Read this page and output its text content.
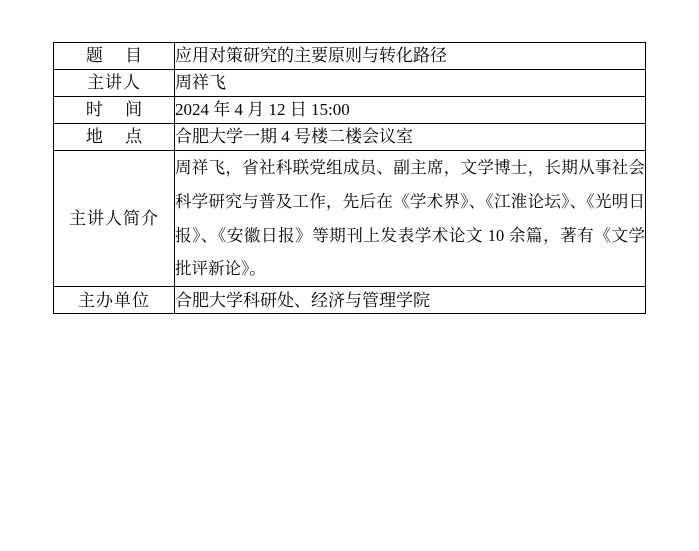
题 目	应用对策研究的主要原则与转化路径
主讲人	周祥飞
时 间	2024 年 4 月 12 日 15:00
地 点	合肥大学一期 4 号楼二楼会议室
主讲人简介	周祥飞，省社科联党组成员、副主席，文学博士，长期从事社会科学研究与普及工作，先后在《学术界》、《江淮论坛》、《光明日报》、《安徽日报》等期刊上发表学术论文 10 余篇，著有《文学批评新论》。
主办单位	合肥大学科研处、经济与管理学院
